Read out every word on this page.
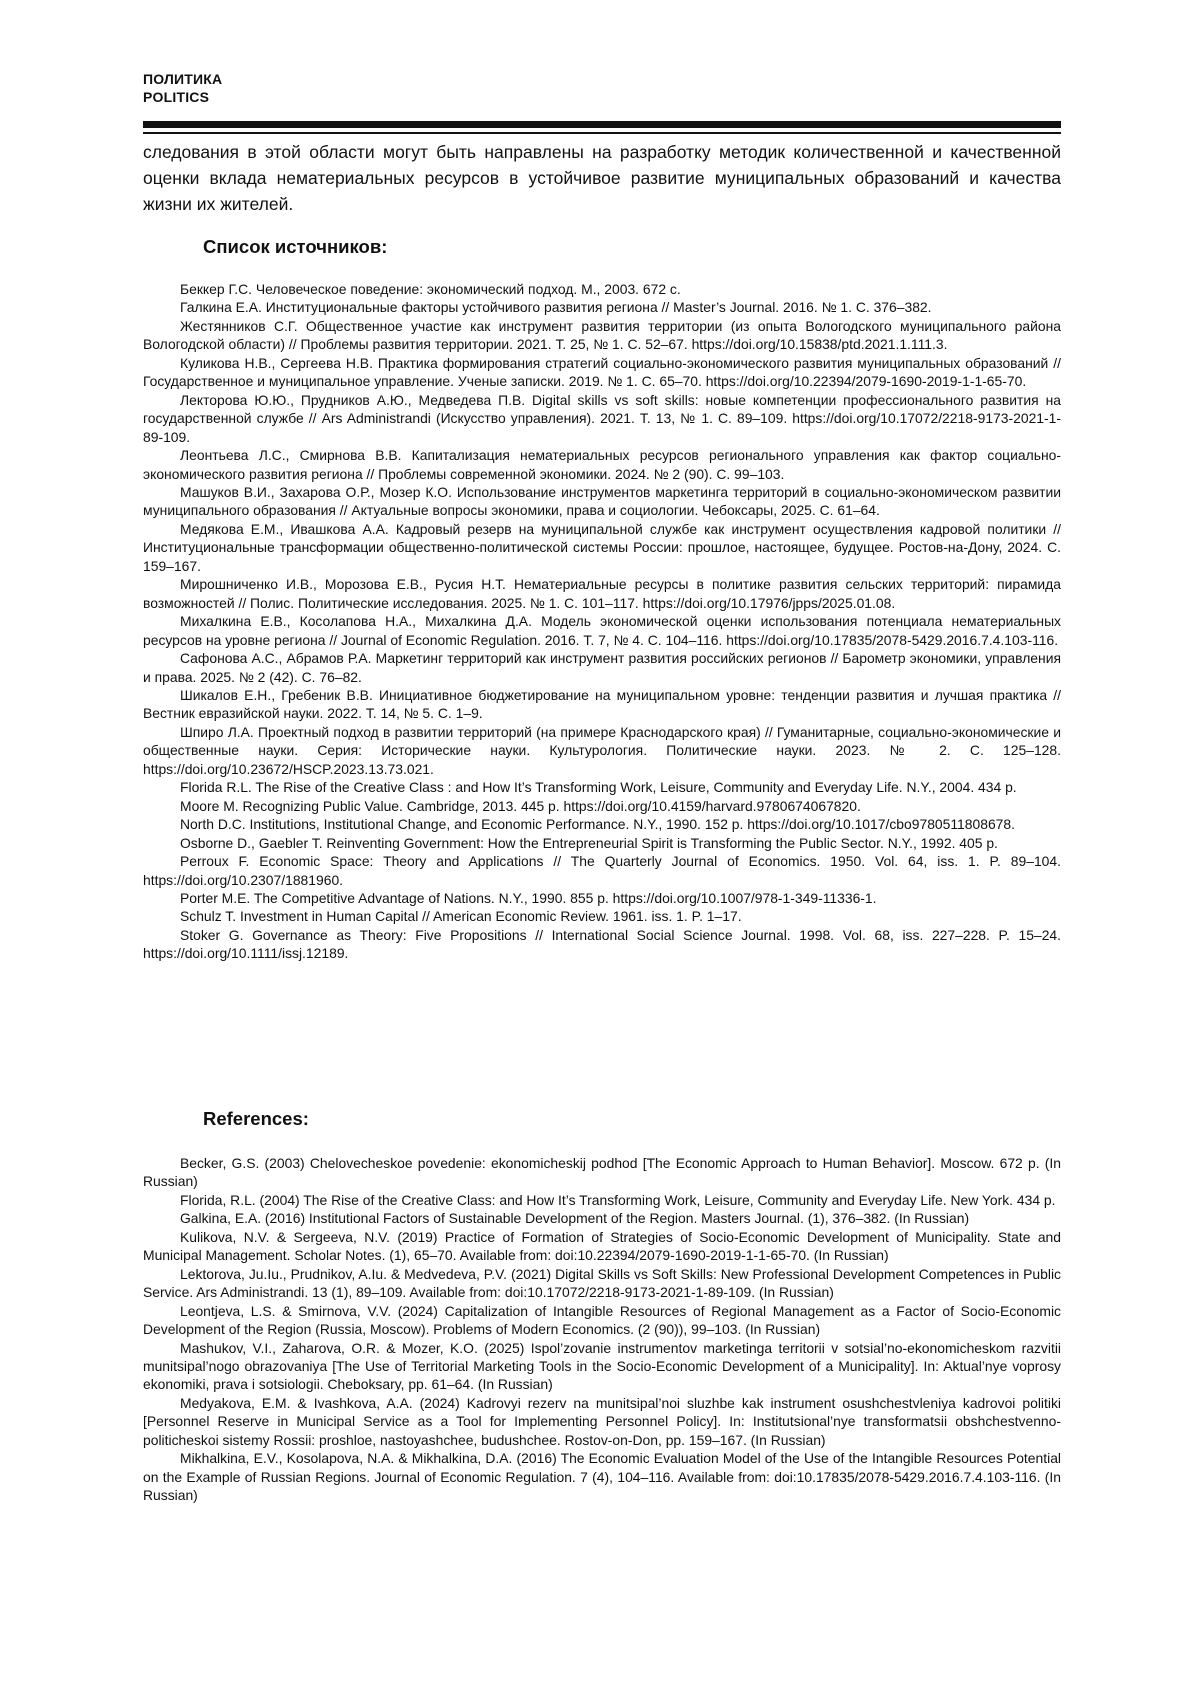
ПОЛИТИКА
POLITICS

следования в этой области могут быть направлены на разработку методик количественной и качественной оценки вклада нематериальных ресурсов в устойчивое развитие муниципальных образований и качества жизни их жителей.

Список источников:

Беккер Г.С. Человеческое поведение: экономический подход. М., 2003. 672 с.

Галкина Е.А. Институциональные факторы устойчивого развития региона // Master’s Journal. 2016. № 1. С. 376–382.

Жестянников С.Г. Общественное участие как инструмент развития территории (из опыта Вологодского муниципального района Вологодской области) // Проблемы развития территории. 2021. Т. 25, № 1. С. 52–67. https://doi.org/10.15838/ptd.2021.1.111.3.

Куликова Н.В., Сергеева Н.В. Практика формирования стратегий социально-экономического развития муниципальных образований // Государственное и муниципальное управление. Ученые записки. 2019. № 1. С. 65–70. https://doi.org/10.22394/2079-1690-2019-1-1-65-70.

Лекторова Ю.Ю., Прудников А.Ю., Медведева П.В. Digital skills vs soft skills: новые компетенции профессионального развития на государственной службе // Ars Administrandi (Искусство управления). 2021. Т. 13, № 1. С. 89–109. https://doi.org/10.17072/2218-9173-2021-1-89-109.

Леонтьева Л.С., Смирнова В.В. Капитализация нематериальных ресурсов регионального управления как фактор социально-экономического развития региона // Проблемы современной экономики. 2024. № 2 (90). С. 99–103.

Машуков В.И., Захарова О.Р., Мозер К.О. Использование инструментов маркетинга территорий в социально-экономическом развитии муниципального образования // Актуальные вопросы экономики, права и социологии. Чебоксары, 2025. С. 61–64.

Медякова Е.М., Ивашкова А.А. Кадровый резерв на муниципальной службе как инструмент осуществления кадровой политики // Институциональные трансформации общественно-политической системы России: прошлое, настоящее, будущее. Ростов-на-Дону, 2024. С. 159–167.

Мирошниченко И.В., Морозова Е.В., Русия Н.Т. Нематериальные ресурсы в политике развития сельских территорий: пирамида возможностей // Полис. Политические исследования. 2025. № 1. С. 101–117. https://doi.org/10.17976/jpps/2025.01.08.

Михалкина Е.В., Косолапова Н.А., Михалкина Д.А. Модель экономической оценки использования потенциала нематериальных ресурсов на уровне региона // Journal of Economic Regulation. 2016. Т. 7, № 4. С. 104–116. https://doi.org/10.17835/2078-5429.2016.7.4.103-116.

Сафонова А.С., Абрамов Р.А. Маркетинг территорий как инструмент развития российских регионов // Барометр экономики, управления и права. 2025. № 2 (42). С. 76–82.

Шикалов Е.Н., Гребеник В.В. Инициативное бюджетирование на муниципальном уровне: тенденции развития и лучшая практика // Вестник евразийской науки. 2022. Т. 14, № 5. С. 1–9.

Шпиро Л.А. Проектный подход в развитии территорий (на примере Краснодарского края) // Гуманитарные, социально-экономические и общественные науки. Серия: Исторические науки. Культурология. Политические науки. 2023. № 2. С. 125–128. https://doi.org/10.23672/HSCP.2023.13.73.021.

Florida R.L. The Rise of the Creative Class : and How It’s Transforming Work, Leisure, Community and Everyday Life. N.Y., 2004. 434 p.

Moore M. Recognizing Public Value. Cambridge, 2013. 445 p. https://doi.org/10.4159/harvard.9780674067820.

North D.C. Institutions, Institutional Change, and Economic Performance. N.Y., 1990. 152 p. https://doi.org/10.1017/cbo9780511808678.

Osborne D., Gaebler T. Reinventing Government: How the Entrepreneurial Spirit is Transforming the Public Sector. N.Y., 1992. 405 p.

Perroux F. Economic Space: Theory and Applications // The Quarterly Journal of Economics. 1950. Vol. 64, iss. 1. P. 89–104. https://doi.org/10.2307/1881960.

Porter M.E. The Competitive Advantage of Nations. N.Y., 1990. 855 p. https://doi.org/10.1007/978-1-349-11336-1.

Schulz T. Investment in Human Capital // American Economic Review. 1961. iss. 1. P. 1–17.

Stoker G. Governance as Theory: Five Propositions // International Social Science Journal. 1998. Vol. 68, iss. 227–228. P. 15–24. https://doi.org/10.1111/issj.12189.

References:

Becker, G.S. (2003) Chelovecheskoe povedenie: ekonomicheskij podhod [The Economic Approach to Human Behavior]. Moscow. 672 p. (In Russian)

Florida, R.L. (2004) The Rise of the Creative Class: and How It’s Transforming Work, Leisure, Community and Everyday Life. New York. 434 p.

Galkina, E.A. (2016) Institutional Factors of Sustainable Development of the Region. Masters Journal. (1), 376–382. (In Russian)

Kulikova, N.V. & Sergeeva, N.V. (2019) Practice of Formation of Strategies of Socio-Economic Development of Municipality. State and Municipal Management. Scholar Notes. (1), 65–70. Available from: doi:10.22394/2079-1690-2019-1-1-65-70. (In Russian)

Lektorova, Ju.Iu., Prudnikov, A.Iu. & Medvedeva, P.V. (2021) Digital Skills vs Soft Skills: New Professional Development Competences in Public Service. Ars Administrandi. 13 (1), 89–109. Available from: doi:10.17072/2218-9173-2021-1-89-109. (In Russian)

Leontjeva, L.S. & Smirnova, V.V. (2024) Capitalization of Intangible Resources of Regional Management as a Factor of Socio-Economic Development of the Region (Russia, Moscow). Problems of Modern Economics. (2 (90)), 99–103. (In Russian)

Mashukov, V.I., Zaharova, O.R. & Mozer, K.O. (2025) Ispol’zovanie instrumentov marketinga territorii v sotsial’no-ekonomicheskom razvitii munitsipal’nogo obrazovaniya [The Use of Territorial Marketing Tools in the Socio-Economic Development of a Municipality]. In: Aktual’nye voprosy ekonomiki, prava i sotsiologii. Cheboksary, pp. 61–64. (In Russian)

Medyakova, E.M. & Ivashkova, A.A. (2024) Kadrovyi rezerv na munitsipal’noi sluzhbe kak instrument osushchestvleniya kadrovoi politiki [Personnel Reserve in Municipal Service as a Tool for Implementing Personnel Policy]. In: Institutsional’nye transformatsii obshchestvenno-politicheskoi sistemy Rossii: proshloe, nastoyashchee, budushchee. Rostov-on-Don, pp. 159–167. (In Russian)

Mikhalkina, E.V., Kosolapova, N.A. & Mikhalkina, D.A. (2016) The Economic Evaluation Model of the Use of the Intangible Resources Potential on the Example of Russian Regions. Journal of Economic Regulation. 7 (4), 104–116. Available from: doi:10.17835/2078-5429.2016.7.4.103-116. (In Russian)
